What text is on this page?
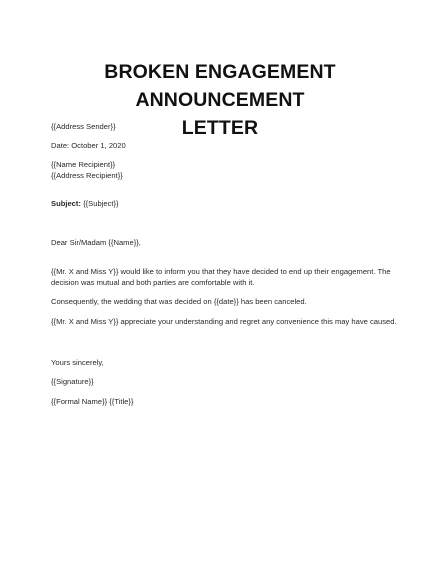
BROKEN ENGAGEMENT ANNOUNCEMENT
LETTER
{{Address Sender}}
Date: October 1, 2020
{{Name Recipient}}
{{Address Recipient}}
Subject: {{Subject}}
Dear Sir/Madam {{Name}},
{{Mr. X and Miss Y}} would like to inform you that they have decided to end up their engagement. The decision was mutual and both parties are comfortable with it.
Consequently, the wedding that was decided on {{date}} has been canceled.
{{Mr. X and Miss Y}} appreciate your understanding and regret any convenience this may have caused.
Yours sincerely,
{{Signature}}
{{Formal Name}} {{Title}}
